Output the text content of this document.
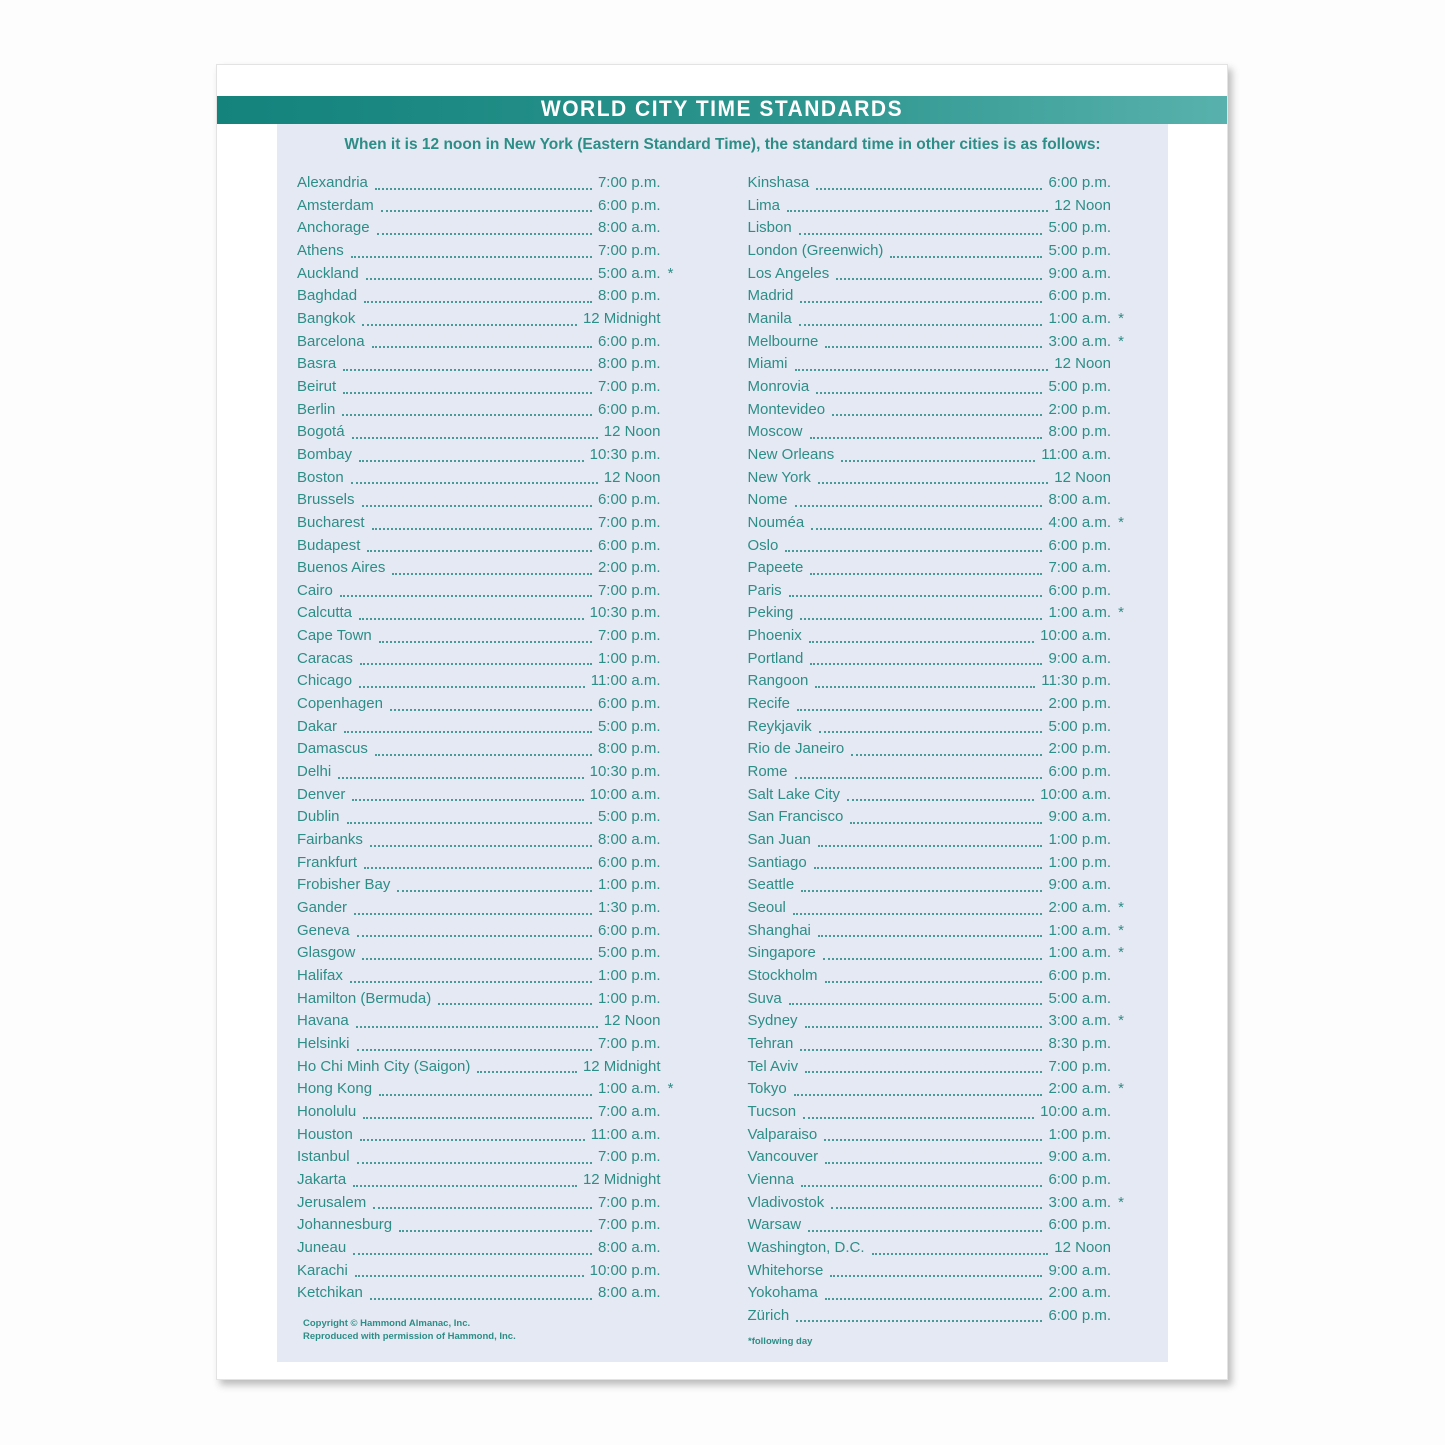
WORLD CITY TIME STANDARDS

When it is 12 noon in New York (Eastern Standard Time), the standard time in other cities is as follows:

Alexandria	7:00 p.m.
Amsterdam	6:00 p.m.
Anchorage	8:00 a.m.
Athens	7:00 p.m.
Auckland	5:00 a.m. *
Baghdad	8:00 p.m.
Bangkok	12 Midnight
Barcelona	6:00 p.m.
Basra	8:00 p.m.
Beirut	7:00 p.m.
Berlin	6:00 p.m.
Bogotá	12 Noon
Bombay	10:30 p.m.
Boston	12 Noon
Brussels	6:00 p.m.
Bucharest	7:00 p.m.
Budapest	6:00 p.m.
Buenos Aires	2:00 p.m.
Cairo	7:00 p.m.
Calcutta	10:30 p.m.
Cape Town	7:00 p.m.
Caracas	1:00 p.m.
Chicago	11:00 a.m.
Copenhagen	6:00 p.m.
Dakar	5:00 p.m.
Damascus	8:00 p.m.
Delhi	10:30 p.m.
Denver	10:00 a.m.
Dublin	5:00 p.m.
Fairbanks	8:00 a.m.
Frankfurt	6:00 p.m.
Frobisher Bay	1:00 p.m.
Gander	1:30 p.m.
Geneva	6:00 p.m.
Glasgow	5:00 p.m.
Halifax	1:00 p.m.
Hamilton (Bermuda)	1:00 p.m.
Havana	12 Noon
Helsinki	7:00 p.m.
Ho Chi Minh City (Saigon)	12 Midnight
Hong Kong	1:00 a.m. *
Honolulu	7:00 a.m.
Houston	11:00 a.m.
Istanbul	7:00 p.m.
Jakarta	12 Midnight
Jerusalem	7:00 p.m.
Johannesburg	7:00 p.m.
Juneau	8:00 a.m.
Karachi	10:00 p.m.
Ketchikan	8:00 a.m.
Kinshasa	6:00 p.m.
Lima	12 Noon
Lisbon	5:00 p.m.
London (Greenwich)	5:00 p.m.
Los Angeles	9:00 a.m.
Madrid	6:00 p.m.
Manila	1:00 a.m. *
Melbourne	3:00 a.m. *
Miami	12 Noon
Monrovia	5:00 p.m.
Montevideo	2:00 p.m.
Moscow	8:00 p.m.
New Orleans	11:00 a.m.
New York	12 Noon
Nome	8:00 a.m.
Nouméa	4:00 a.m. *
Oslo	6:00 p.m.
Papeete	7:00 a.m.
Paris	6:00 p.m.
Peking	1:00 a.m. *
Phoenix	10:00 a.m.
Portland	9:00 a.m.
Rangoon	11:30 p.m.
Recife	2:00 p.m.
Reykjavik	5:00 p.m.
Rio de Janeiro	2:00 p.m.
Rome	6:00 p.m.
Salt Lake City	10:00 a.m.
San Francisco	9:00 a.m.
San Juan	1:00 p.m.
Santiago	1:00 p.m.
Seattle	9:00 a.m.
Seoul	2:00 a.m. *
Shanghai	1:00 a.m. *
Singapore	1:00 a.m. *
Stockholm	6:00 p.m.
Suva	5:00 a.m.
Sydney	3:00 a.m. *
Tehran	8:30 p.m.
Tel Aviv	7:00 p.m.
Tokyo	2:00 a.m. *
Tucson	10:00 a.m.
Valparaiso	1:00 p.m.
Vancouver	9:00 a.m.
Vienna	6:00 p.m.
Vladivostok	3:00 a.m. *
Warsaw	6:00 p.m.
Washington, D.C.	12 Noon
Whitehorse	9:00 a.m.
Yokohama	2:00 a.m.
Zürich	6:00 p.m.
Copyright © Hammond Almanac, Inc.
Reproduced with permission of Hammond, Inc.	*following day
